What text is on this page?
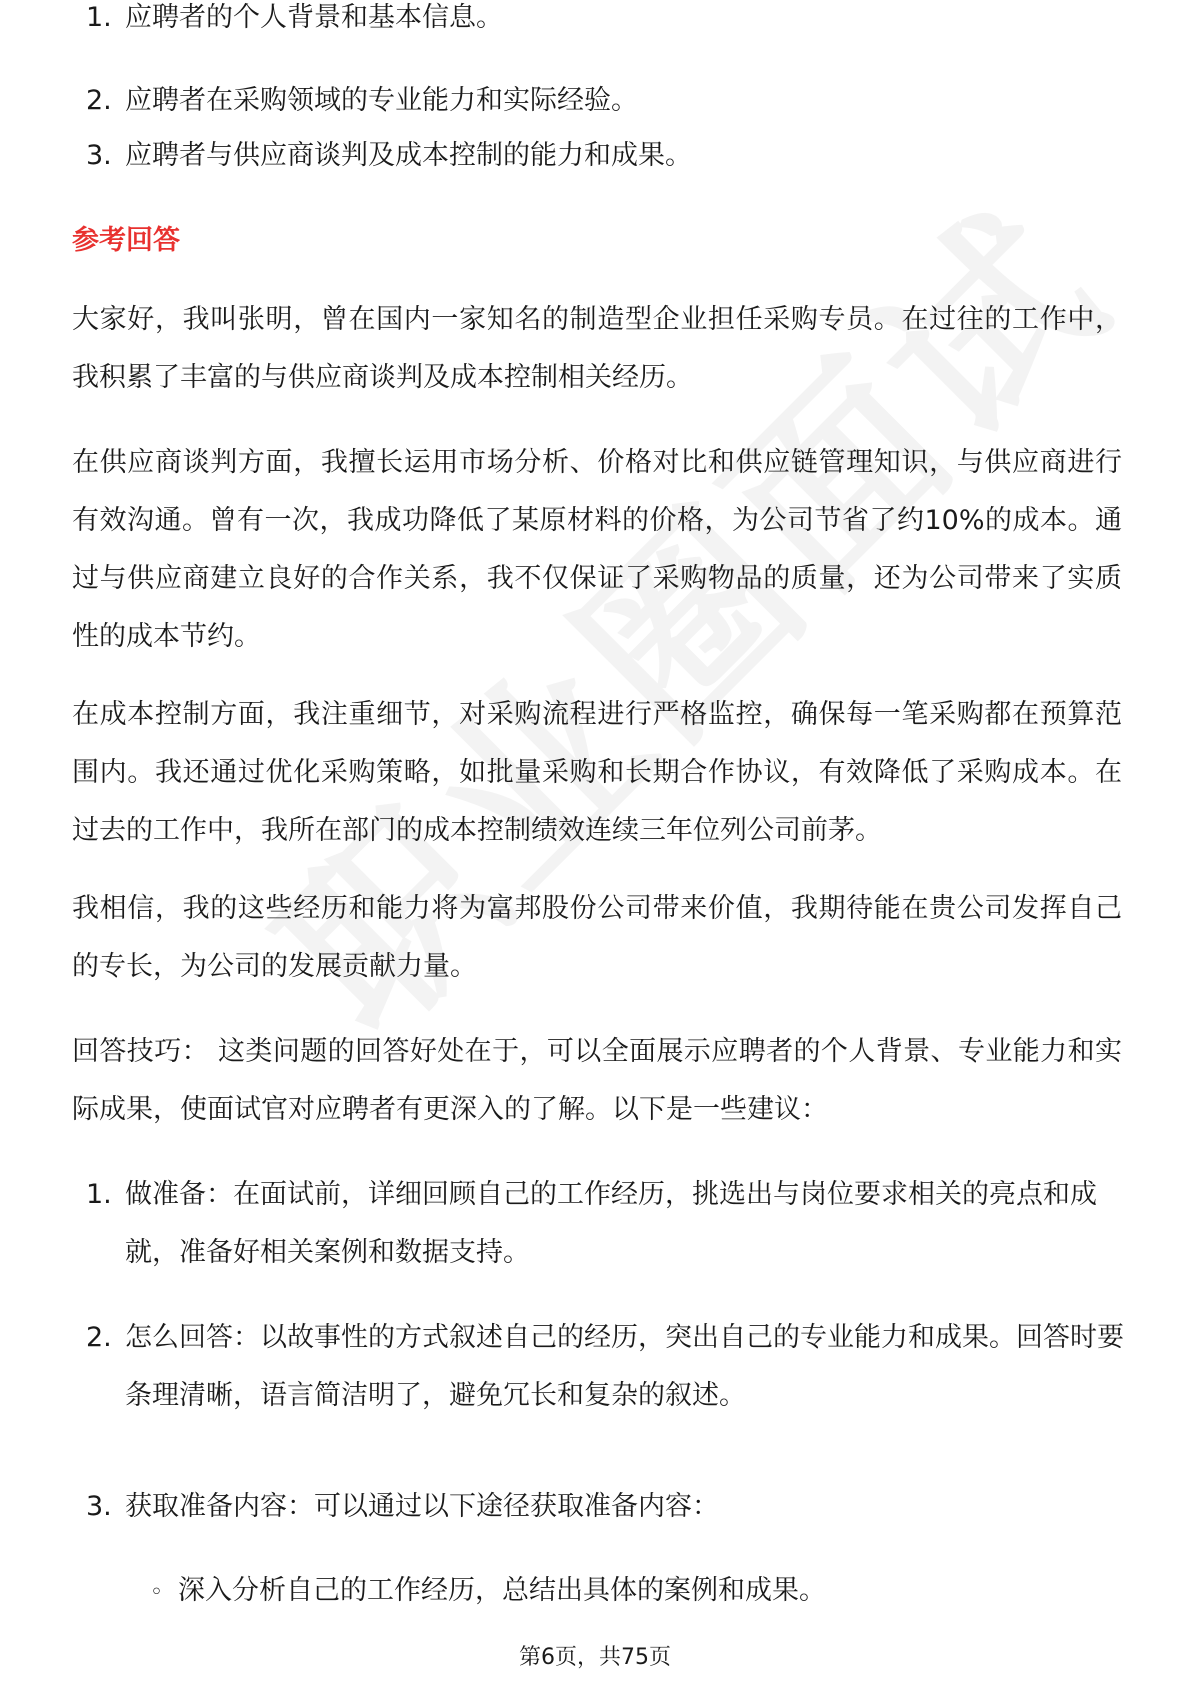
应聘者的个人背景和基本信息。
1.
2. 应聘者在采购领域的专业能力和实际经验。
3. 应聘者与供应商谈判及成本控制的能力和成果。
参考回答
大家好，我叫张明，曾在国内一家知名的制造型企业担任采购专员。在过往的工作中，我积累了丰富的与供应商谈判及成本控制相关经历。
在供应商谈判方面，我擅长运用市场分析、价格对比和供应链管理知识，与供应商进行有效沟通。曾有一次，我成功降低了某原材料的价格，为公司节省了约10%的成本。通过与供应商建立良好的合作关系，我不仅保证了采购物品的质量，还为公司带来了实质性的成本节约。
在成本控制方面，我注重细节，对采购流程进行严格监控，确保每一笔采购都在预算范围内。我还通过优化采购策略，如批量采购和长期合作协议，有效降低了采购成本。在过去的工作中，我所在部门的成本控制绩效连续三年位列公司前茅。
我相信，我的这些经历和能力将为富邦股份公司带来价值，我期待能在贵公司发挥自己的专长，为公司的发展贡献力量。
回答技巧： 这类问题的回答好处在于，可以全面展示应聘者的个人背景、专业能力和实际成果，使面试官对应聘者有更深入的了解。以下是一些建议：
1. 做准备：在面试前，详细回顾自己的工作经历，挑选出与岗位要求相关的亮点和成就，准备好相关案例和数据支持。
2. 怎么回答：以故事性的方式叙述自己的经历，突出自己的专业能力和成果。回答时要条理清晰，语言简洁明了，避免冗长和复杂的叙述。
3. 获取准备内容：可以通过以下途径获取准备内容：
◦ 深入分析自己的工作经历，总结出具体的案例和成果。
第6页，共75页
